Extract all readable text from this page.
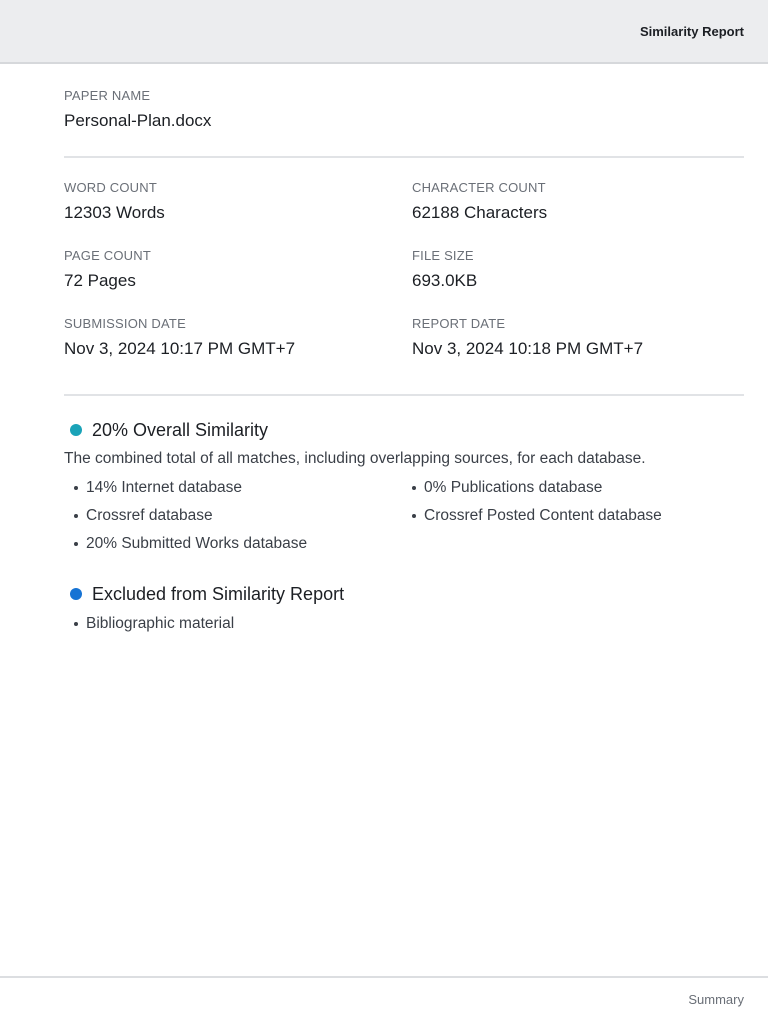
Similarity Report
PAPER NAME
Personal-Plan.docx
WORD COUNT
12303 Words
CHARACTER COUNT
62188 Characters
PAGE COUNT
72 Pages
FILE SIZE
693.0KB
SUBMISSION DATE
Nov 3, 2024 10:17 PM GMT+7
REPORT DATE
Nov 3, 2024 10:18 PM GMT+7
20% Overall Similarity
The combined total of all matches, including overlapping sources, for each database.
14% Internet database	0% Publications database
Crossref database	Crossref Posted Content database
20% Submitted Works database
Excluded from Similarity Report
Bibliographic material
Summary
